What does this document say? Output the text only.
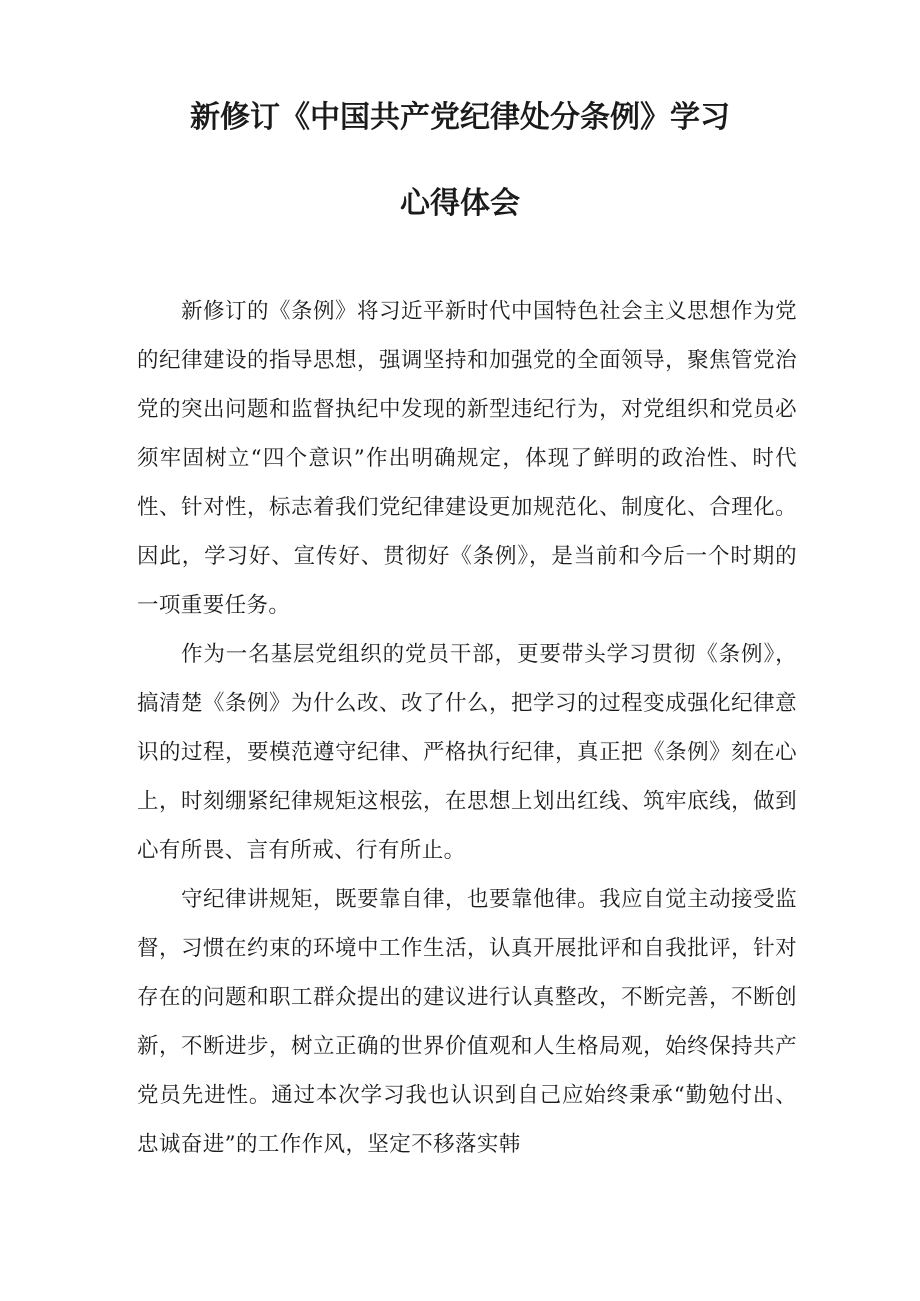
新修订《中国共产党纪律处分条例》学习
心得体会

新修订的《条例》将习近平新时代中国特色社会主义思想作为党的纪律建设的指导思想，强调坚持和加强党的全面领导，聚焦管党治党的突出问题和监督执纪中发现的新型违纪行为，对党组织和党员必须牢固树立“四个意识”作出明确规定，体现了鲜明的政治性、时代性、针对性，标志着我们党纪律建设更加规范化、制度化、合理化。因此，学习好、宣传好、贯彻好《条例》，是当前和今后一个时期的一项重要任务。

作为一名基层党组织的党员干部，更要带头学习贯彻《条例》，搞清楚《条例》为什么改、改了什么，把学习的过程变成强化纪律意识的过程，要模范遵守纪律、严格执行纪律，真正把《条例》刻在心上，时刻绷紧纪律规矩这根弦，在思想上划出红线、筑牢底线，做到心有所畏、言有所戒、行有所止。

守纪律讲规矩，既要靠自律，也要靠他律。我应自觉主动接受监督，习惯在约束的环境中工作生活，认真开展批评和自我批评，针对存在的问题和职工群众提出的建议进行认真整改，不断完善，不断创新，不断进步，树立正确的世界价值观和人生格局观，始终保持共产党员先进性。通过本次学习我也认识到自己应始终秉承“勤勉付出、忠诚奋进”的工作作风，坚定不移落实韩
